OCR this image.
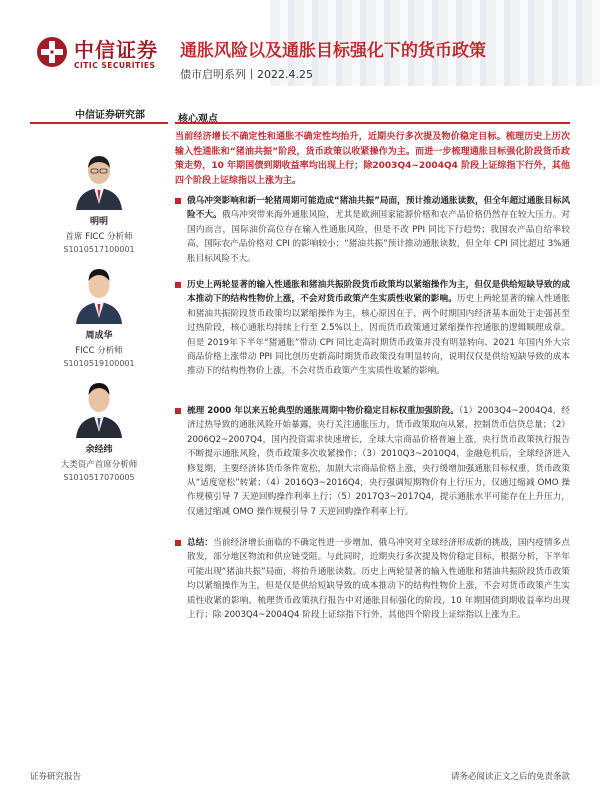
中信证券
CITIC SECURITIES
通胀风险以及通胀目标强化下的货币政策
债市启明系列丨2022.4.25
中信证券研究部	核心观点
明明
首席 FICC 分析师
S1010517100001
周成华
FICC 分析师
S1010519100001
余经纬
大类资产首席分析师
S1010517070005
当前经济增长不确定性和通胀不确定性均抬升，近期央行多次提及物价稳定目标。梳理历史上历次输入性通胀和“猪油共振”阶段，货币政策以收紧操作为主。而进一步梳理通胀目标强化阶段货币政策走势，10 年期国债到期收益率均出现上行；除2003Q4~2004Q4 阶段上证综指下行外，其他四个阶段上证综指以上涨为主。
俄乌冲突影响和新一轮猪周期可能造成“猪油共振”局面，预计推动通胀读数，但全年超过通胀目标风险不大。俄乌冲突带来海外通胀风险，尤其是欧洲国家能源价格和农产品价格仍然存在较大压力。对国内而言，国际油价高位存在输入性通胀风险，但是不改 PPI 同比下行趋势；我国农产品自给率较高，国际农产品价格对 CPI 的影响较小；“猪油共振”预计推动通胀读数，但全年 CPI 同比超过 3%通胀目标风险不大。
历史上两轮显著的输入性通胀和猪油共振阶段货币政策均以紧缩操作为主，但仅是供给短缺导致的成本推动下的结构性物价上涨，不会对货币政策产生实质性收紧的影响。历史上两轮显著的输入性通胀和猪油共振阶段货币政策均以紧缩操作为主，核心原因在于，两个时期国内经济基本面处于走强甚至过热阶段，核心通胀均持续上行至 2.5%以上，因而货币政策通过紧缩操作控通胀的逻辑顺理成章。但是 2019年下半年“猪通胀”带动 CPI 同比走高时期货币政策并没有明显转向、2021 年国内外大宗商品价格上涨带动 PPI 同比创历史新高时期货币政策没有明显转向，说明仅仅是供给短缺导致的成本推动下的结构性物价上涨，不会对货币政策产生实质性收紧的影响。
梳理 2000 年以来五轮典型的通胀周期中物价稳定目标权重加强阶段。（1）2003Q4~2004Q4，经济过热导致的通胀风险开始暴露，央行关注通胀压力，货币政策取向从紧，控制货币信贷总量；（2）2006Q2~2007Q4，国内投资需求快速增长，全球大宗商品价格普遍上涨，央行货币政策执行报告不断提示通胀风险，货币政策多次收紧操作；（3）2010Q3~2010Q4，金融危机后，全球经济进入修复期，主要经济体货币条件宽松，加剧大宗商品价格上涨，央行缓增加强通胀目标权重，货币政策从“适度宽松”转紧；（4）2016Q3~2016Q4，央行强调短期物价有上行压力，仅通过缩减 OMO 操作规模引导 7 天逆回购操作利率上行；（5）2017Q3~2017Q4，提示通胀水平可能存在上升压力，仅通过缩减 OMO 操作规模引导 7 天逆回购操作利率上行。
总结：当前经济增长面临的不确定性进一步增加，俄乌冲突对全球经济形成新的挑战，国内疫情多点散发，部分地区物流和供应链受阻。与此同时，近期央行多次提及物价稳定目标，根据分析，下半年可能出现“猪油共振”局面，将抬升通胀读数。历史上两轮显著的输入性通胀和猪油共振阶段货币政策均以紧缩操作为主，但是仅是供给短缺导致的成本推动下的结构性物价上涨，不会对货币政策产生实质性收紧的影响。梳理货币政策执行报告中对通胀目标强化的阶段，10 年期国债到期收益率均出现上行；除 2003Q4~2004Q4 阶段上证综指下行外，其他四个阶段上证综指以上涨为主。
证券研究报告	请务必阅读正文之后的免责条款
